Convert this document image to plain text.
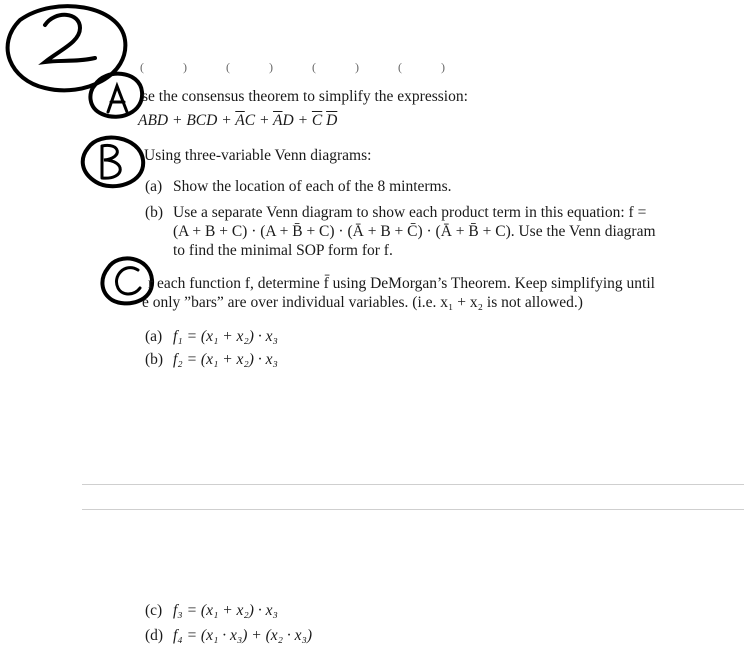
( ) ( ) ( ) ( )
se the consensus theorem to simplify the expression:
ABD + BCD + $\overline{A}C + \overline{A}D + \overline{C}$ $\overline{D}$
Using three-variable Venn diagrams:
(a) Show the location of each of the 8 minterms.
(b) Use a separate Venn diagram to show each product term in this equation: f =
(A + B + C) · (A + B̄ + C) · (Ā + B + C̄) · (Ā + B̄ + C). Use the Venn diagram
to find the minimal SOP form for f.
r each function f, determine f̄ using DeMorgan’s Theorem. Keep simplifying until
e only ”bars” are over individual variables. (i.e. x₁ + x₂ is not allowed.)
(a) f₁ = (x₁ + x₂) · x₃
(b) f₂ = (x₁ + x₂) · x₃
(c) f₃ = (x₁ + x₂) · x₃
(d) f₄ = (x₁ · x₃) + (x₂ · x₃)
